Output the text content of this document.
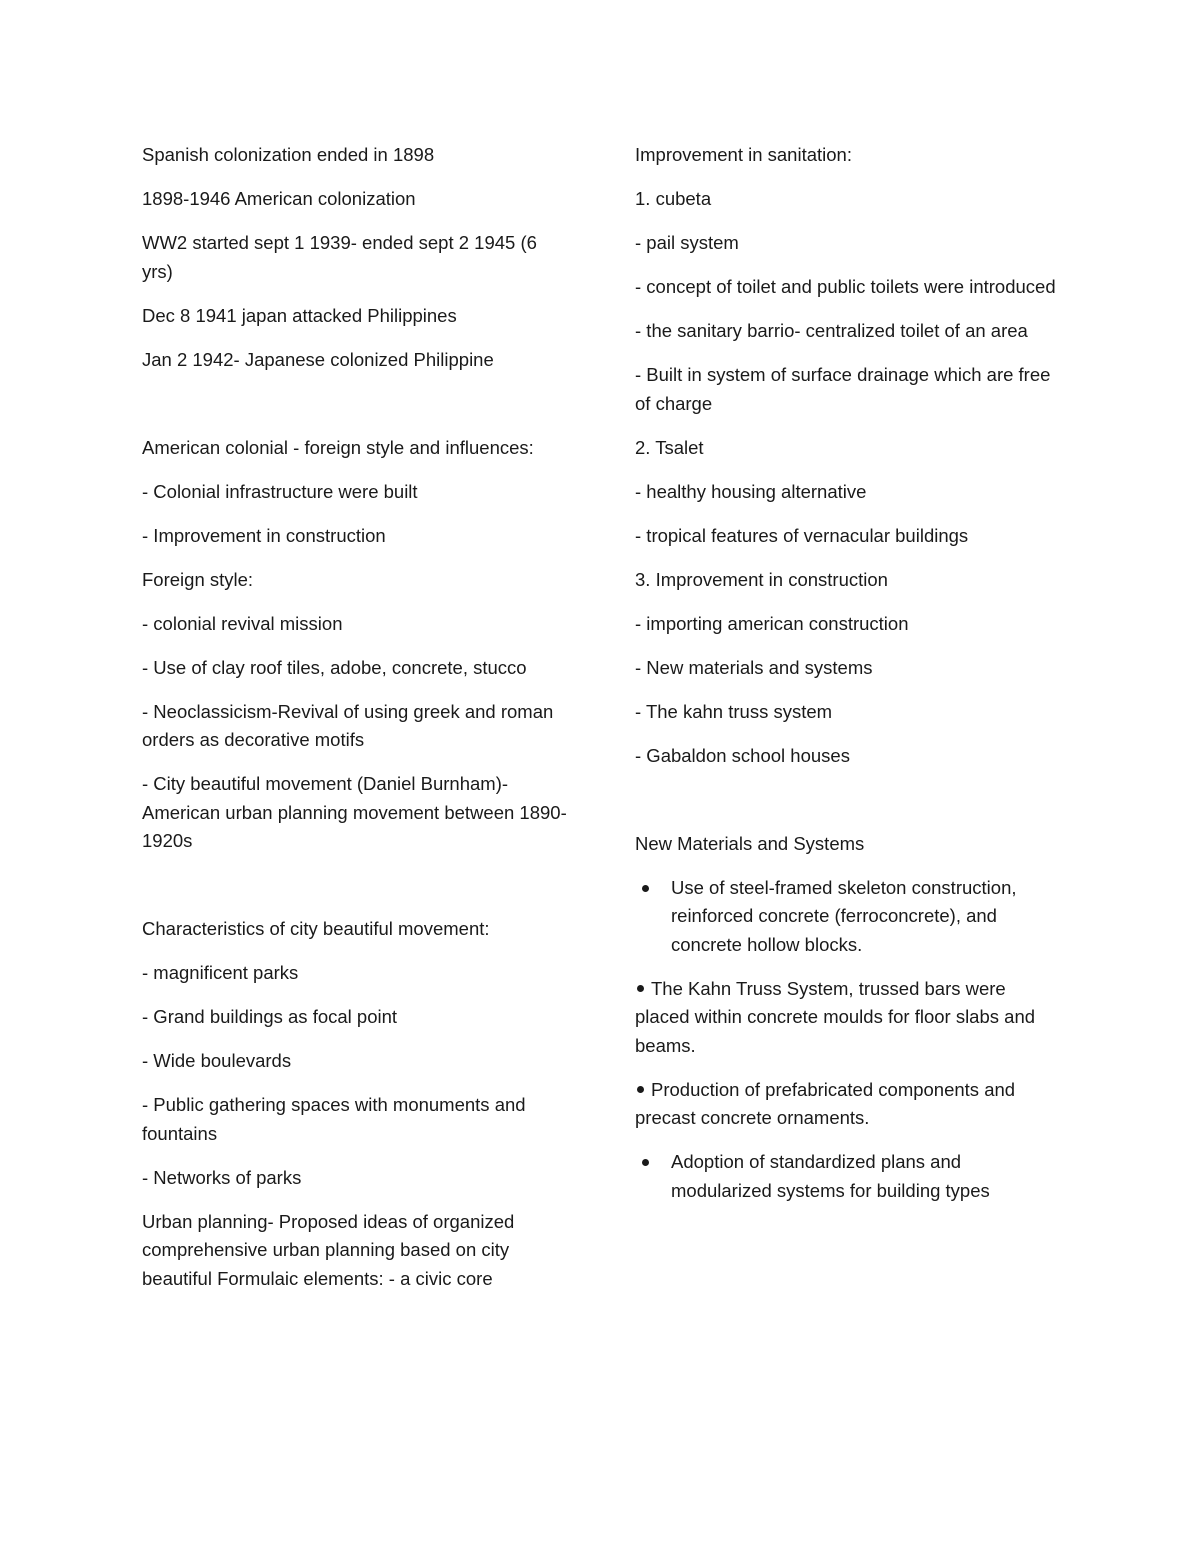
Spanish colonization ended in 1898

1898-1946 American colonization

WW2 started sept 1 1939- ended sept 2 1945 (6 yrs)

Dec 8 1941 japan attacked Philippines

Jan 2 1942- Japanese colonized Philippine

American colonial - foreign style and influences:

- Colonial infrastructure were built

- Improvement in construction

Foreign style:

- colonial revival mission

- Use of clay roof tiles, adobe, concrete, stucco

- Neoclassicism-Revival of using greek and roman orders as decorative motifs

- City beautiful movement (Daniel Burnham)- American urban planning movement between 1890-1920s

Characteristics of city beautiful movement:

- magnificent parks

- Grand buildings as focal point

- Wide boulevards

- Public gathering spaces with monuments and fountains

- Networks of parks

Urban planning- Proposed ideas of organized comprehensive urban planning based on city beautiful Formulaic elements: - a civic core

Improvement in sanitation:

1. cubeta

- pail system

- concept of toilet and public toilets were introduced

- the sanitary barrio- centralized toilet of an area

- Built in system of surface drainage which are free of charge

2. Tsalet

- healthy housing alternative

- tropical features of vernacular buildings

3. Improvement in construction

- importing american construction

- New materials and systems

- The kahn truss system

- Gabaldon school houses

New Materials and Systems

Use of steel-framed skeleton construction, reinforced concrete (ferroconcrete), and concrete hollow blocks.

The Kahn Truss System, trussed bars were placed within concrete moulds for floor slabs and beams.

Production of prefabricated components and precast concrete ornaments.

Adoption of standardized plans and modularized systems for building types
